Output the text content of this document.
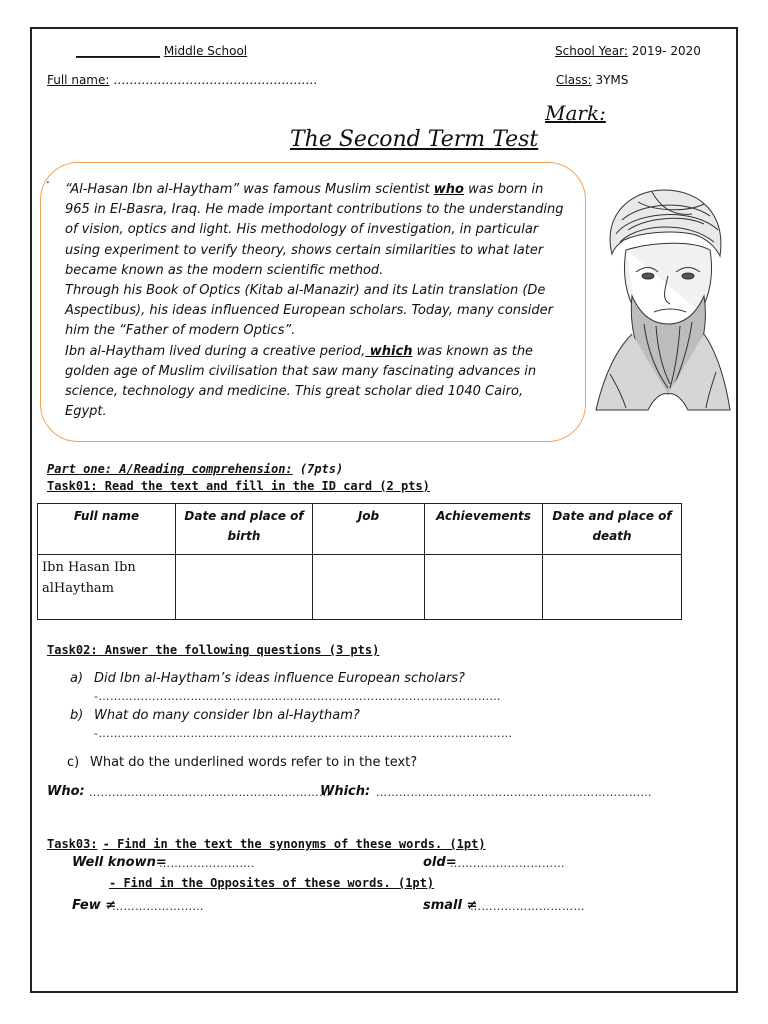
______________ Middle School	School Year: 2019- 2020
Full name: ……………………………………………	Class: 3YMS
Mark:
The Second Term Test
.

“Al-Hasan Ibn al-Haytham” was famous Muslim scientist who was born in 965 in El-Basra, Iraq. He made important contributions to the understanding of vision, optics and light. His methodology of investigation, in particular using experiment to verify theory, shows certain similarities to what later became known as the modern scientific method.
Through his Book of Optics (Kitab al-Manazir) and its Latin translation (De Aspectibus), his ideas influenced European scholars. Today, many consider him the “Father of modern Optics”.
Ibn al-Haytham lived during a creative period, which was known as the golden age of Muslim civilisation that saw many fascinating advances in science, technology and medicine. This great scholar died 1040 Cairo, Egypt.

Part one: A/Reading comprehension: (7pts)
Task01: Read the text and fill in the ID card (2 pts)
Full name	Date and place of birth	Job	Achievements	Date and place of death
Ibn Hasan Ibn alHaytham				
Task02: Answer the following questions (3 pts)
a) Did Ibn al-Haytham’s ideas influence European scholars?
-……………………………………………………………………………………………
b) What do many consider Ibn al-Haytham?
-………………………………………………………………………………………………
c) What do the underlined words refer to in the text?
Who: ………………………………………………………
Which: ………………………………………………………………
Task03: - Find in the text the synonyms of these words. (1pt)
Well known=
…………………….	old=
…………………………
- Find in the Opposites of these words. (1pt)
Few ≠
……………………	small ≠
…………………………
